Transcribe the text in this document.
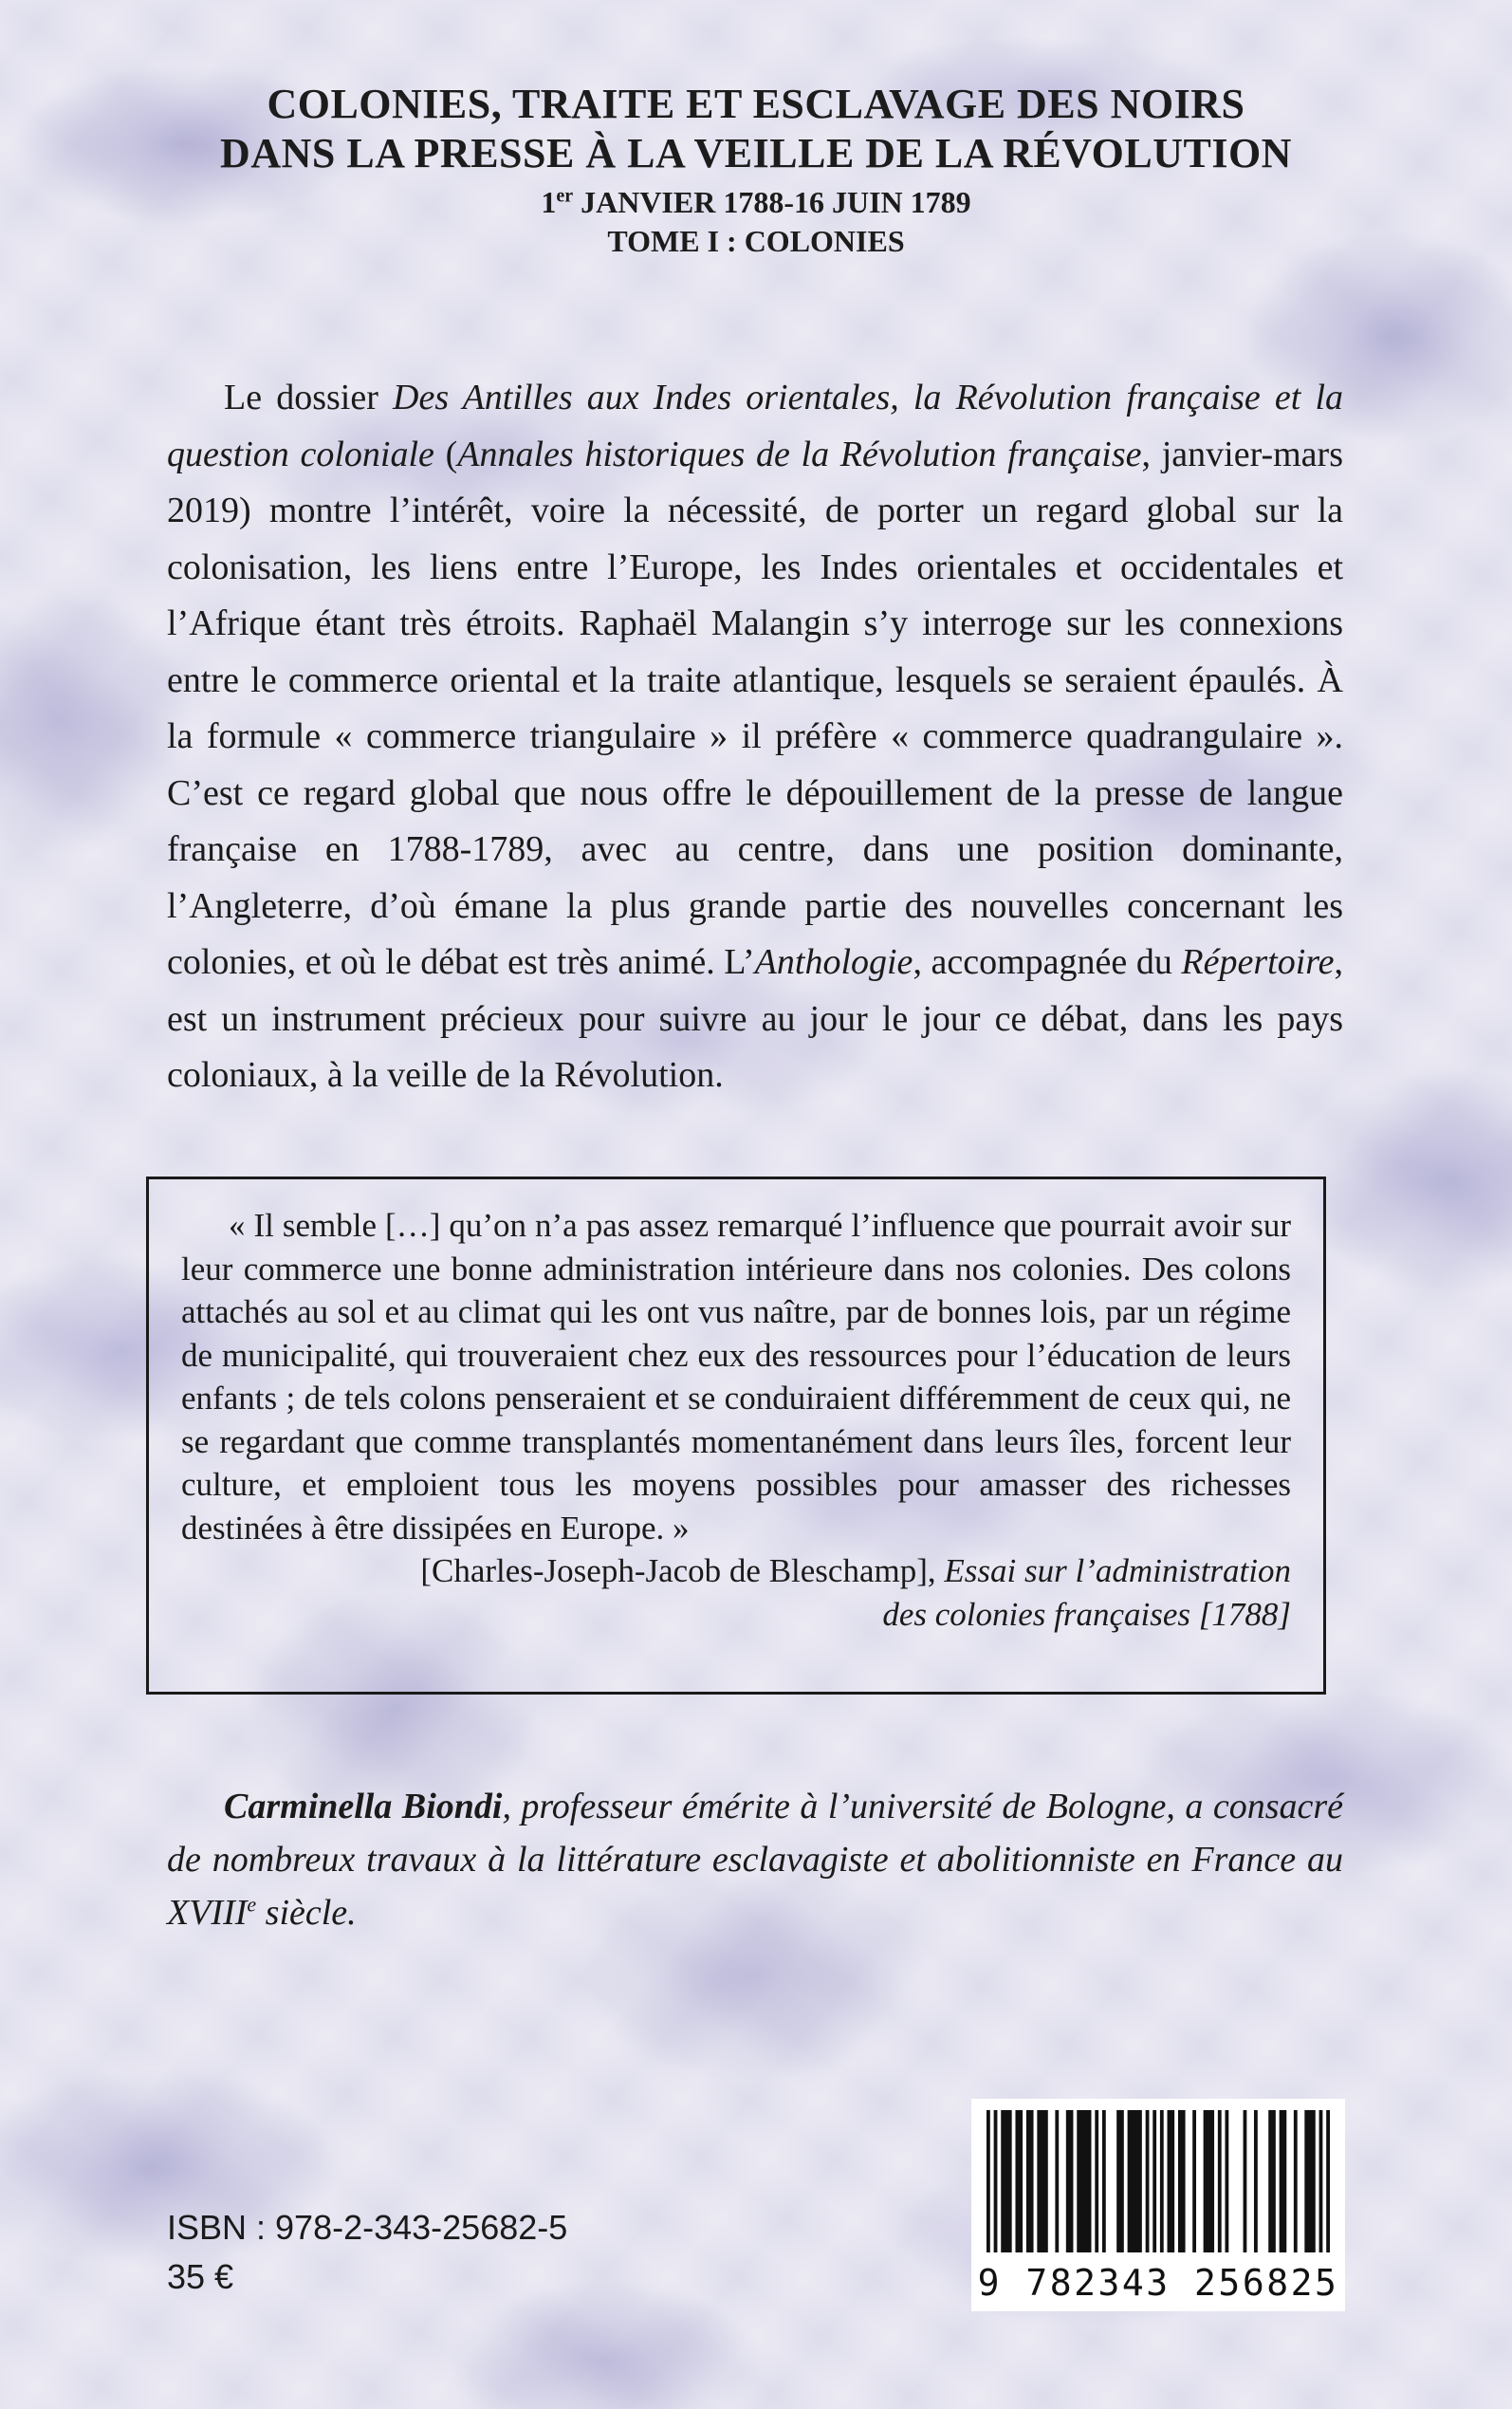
COLONIES, TRAITE ET ESCLAVAGE DES NOIRS
DANS LA PRESSE À LA VEILLE DE LA RÉVOLUTION
1er JANVIER 1788-16 JUIN 1789
TOME I : COLONIES

Le dossier Des Antilles aux Indes orientales, la Révolution française et la question coloniale (Annales historiques de la Révolution française, janvier-mars 2019) montre l’intérêt, voire la nécessité, de porter un regard global sur la colonisation, les liens entre l’Europe, les Indes orientales et occidentales et l’Afrique étant très étroits. Raphaël Malangin s’y interroge sur les connexions entre le commerce oriental et la traite atlantique, lesquels se seraient épaulés. À la formule « commerce triangulaire » il préfère « commerce quadrangulaire ». C’est ce regard global que nous offre le dépouillement de la presse de langue française en 1788-1789, avec au centre, dans une position dominante, l’Angleterre, d’où émane la plus grande partie des nouvelles concernant les colonies, et où le débat est très animé. L’Anthologie, accompagnée du Répertoire, est un instrument précieux pour suivre au jour le jour ce débat, dans les pays coloniaux, à la veille de la Révolution.

« Il semble […] qu’on n’a pas assez remarqué l’influence que pourrait avoir sur leur commerce une bonne administration intérieure dans nos colonies. Des colons attachés au sol et au climat qui les ont vus naître, par de bonnes lois, par un régime de municipalité, qui trouveraient chez eux des ressources pour l’éducation de leurs enfants ; de tels colons penseraient et se conduiraient différemment de ceux qui, ne se regardant que comme transplantés momentanément dans leurs îles, forcent leur culture, et emploient tous les moyens possibles pour amasser des richesses destinées à être dissipées en Europe. »

[Charles-Joseph-Jacob de Bleschamp], Essai sur l’administration
des colonies françaises [1788]

Carminella Biondi, professeur émérite à l’université de Bologne, a consacré de nombreux travaux à la littérature esclavagiste et abolitionniste en France au XVIIIe siècle.

ISBN : 978-2-343-25682-5
35 €	9 782343 256825
